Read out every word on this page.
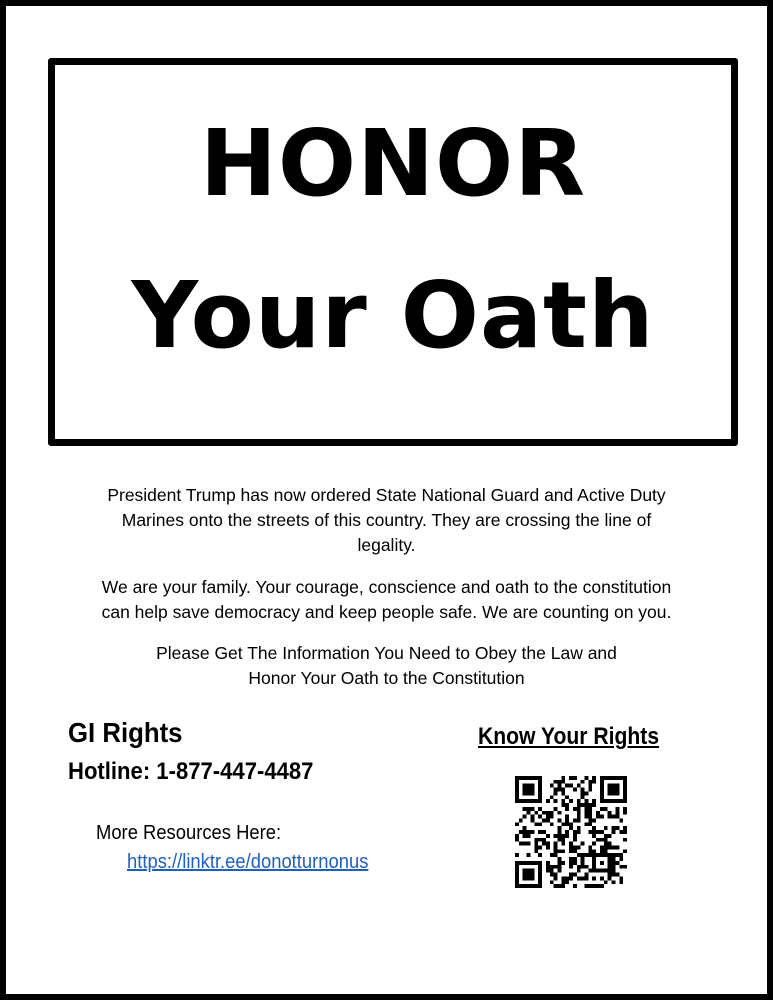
HONOR
Your Oath
President Trump has now ordered State National Guard and Active Duty
Marines onto the streets of this country. They are crossing the line of
legality.
We are your family. Your courage, conscience and oath to the constitution
can help save democracy and keep people safe. We are counting on you.
Please Get The Information You Need to Obey the Law and
Honor Your Oath to the Constitution
GI Rights
Hotline: 1-877-447-4487
More Resources Here:
https://linktr.ee/donotturnonus
Know Your Rights
